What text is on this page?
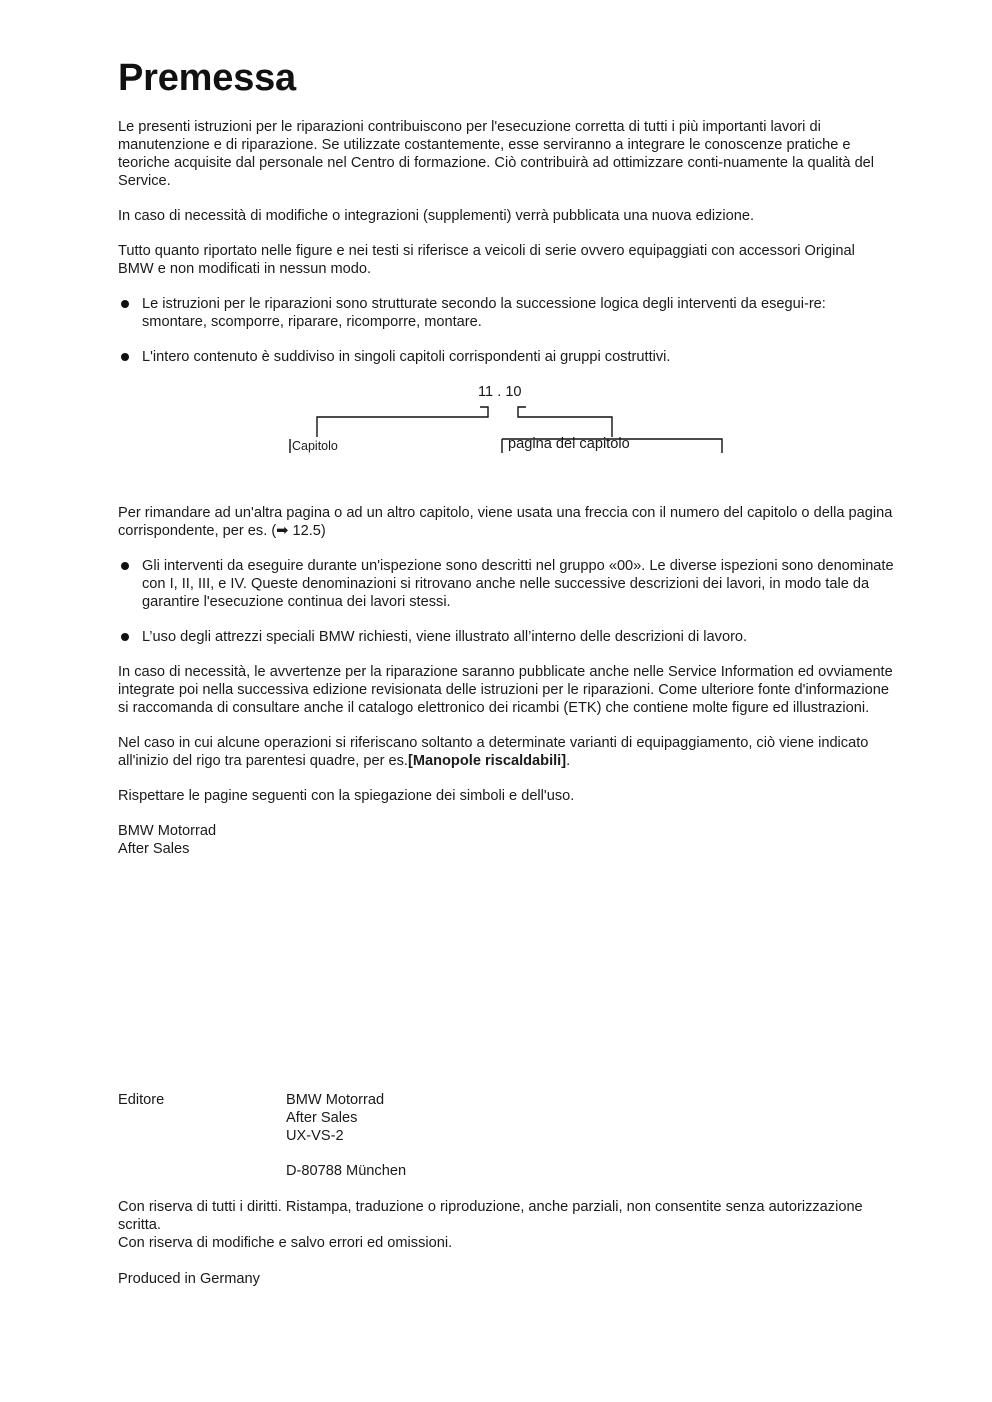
Premessa

Le presenti istruzioni per le riparazioni contribuiscono per l'esecuzione corretta di tutti i più importanti lavori di manutenzione e di riparazione. Se utilizzate costantemente, esse serviranno a integrare le conoscenze pratiche e teoriche acquisite dal personale nel Centro di formazione. Ciò contribuirà ad ottimizzare conti-nuamente la qualità del Service.

In caso di necessità di modifiche o integrazioni (supplementi) verrà pubblicata una nuova edizione.

Tutto quanto riportato nelle figure e nei testi si riferisce a veicoli di serie ovvero equipaggiati con accessori Original BMW e non modificati in nessun modo.

Le istruzioni per le riparazioni sono strutturate secondo la successione logica degli interventi da esegui-re: smontare, scomporre, riparare, ricomporre, montare.
L'intero contenuto è suddiviso in singoli capitoli corrispondenti ai gruppi costruttivi.
11 . 10
Capitolo	pagina del capitolo

Per rimandare ad un'altra pagina o ad un altro capitolo, viene usata una freccia con il numero del capitolo o della pagina corrispondente, per es. (➡ 12.5)

Gli interventi da eseguire durante un'ispezione sono descritti nel gruppo «00». Le diverse ispezioni sono denominate con I, II, III, e IV. Queste denominazioni si ritrovano anche nelle successive descrizioni dei lavori, in modo tale da garantire l'esecuzione continua dei lavori stessi.
L’uso degli attrezzi speciali BMW richiesti, viene illustrato all’interno delle descrizioni di lavoro.

In caso di necessità, le avvertenze per la riparazione saranno pubblicate anche nelle Service Information ed ovviamente integrate poi nella successiva edizione revisionata delle istruzioni per le riparazioni. Come ulteriore fonte d'informazione si raccomanda di consultare anche il catalogo elettronico dei ricambi (ETK) che contiene molte figure ed illustrazioni.

Nel caso in cui alcune operazioni si riferiscano soltanto a determinate varianti di equipaggiamento, ciò viene indicato all'inizio del rigo tra parentesi quadre, per es.[Manopole riscaldabili].

Rispettare le pagine seguenti con la spiegazione dei simboli e dell'uso.

BMW Motorrad
After Sales
Editore	BMW Motorrad
After Sales
UX-VS-2
D-80788 München
Con riserva di tutti i diritti. Ristampa, traduzione o riproduzione, anche parziali, non consentite senza autorizzazione scritta.
Con riserva di modifiche e salvo errori ed omissioni.
Produced in Germany
